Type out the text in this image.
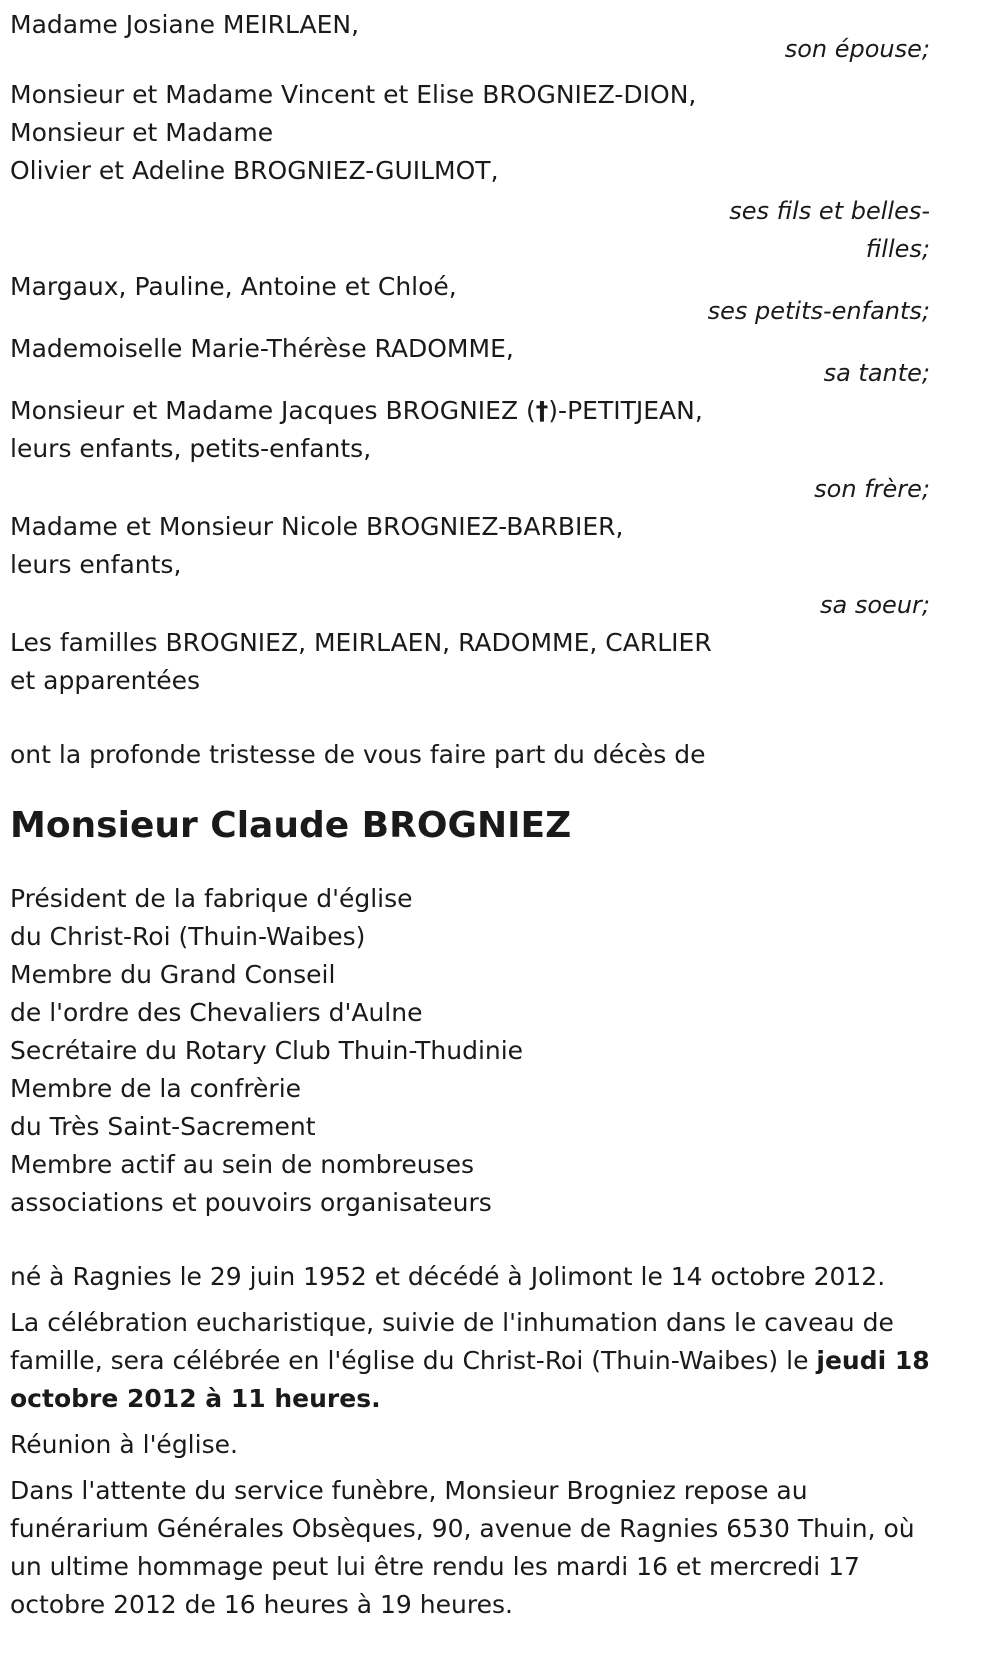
Madame Josiane MEIRLAEN,
son épouse;
Monsieur et Madame Vincent et Elise BROGNIEZ-DION,
Monsieur et Madame
Olivier et Adeline BROGNIEZ-GUILMOT,
ses fils et belles-
filles;
Margaux, Pauline, Antoine et Chloé,
ses petits-enfants;
Mademoiselle Marie-Thérèse RADOMME,
sa tante;
Monsieur et Madame Jacques BROGNIEZ (†)-PETITJEAN,
leurs enfants, petits-enfants,
son frère;
Madame et Monsieur Nicole BROGNIEZ-BARBIER,
leurs enfants,
sa soeur;
Les familles BROGNIEZ, MEIRLAEN, RADOMME, CARLIER
et apparentées
ont la profonde tristesse de vous faire part du décès de
Monsieur Claude BROGNIEZ
Président de la fabrique d'église
du Christ-Roi (Thuin-Waibes)
Membre du Grand Conseil
de l'ordre des Chevaliers d'Aulne
Secrétaire du Rotary Club Thuin-Thudinie
Membre de la confrèrie
du Très Saint-Sacrement
Membre actif au sein de nombreuses
associations et pouvoirs organisateurs
né à Ragnies le 29 juin 1952 et décédé à Jolimont le 14 octobre 2012.
La célébration eucharistique, suivie de l'inhumation dans le caveau de famille, sera célébrée en l'église du Christ-Roi (Thuin-Waibes) le jeudi 18 octobre 2012 à 11 heures.
Réunion à l'église.
Dans l'attente du service funèbre, Monsieur Brogniez repose au funérarium Générales Obsèques, 90, avenue de Ragnies 6530 Thuin, où un ultime hommage peut lui être rendu les mardi 16 et mercredi 17 octobre 2012 de 16 heures à 19 heures.
